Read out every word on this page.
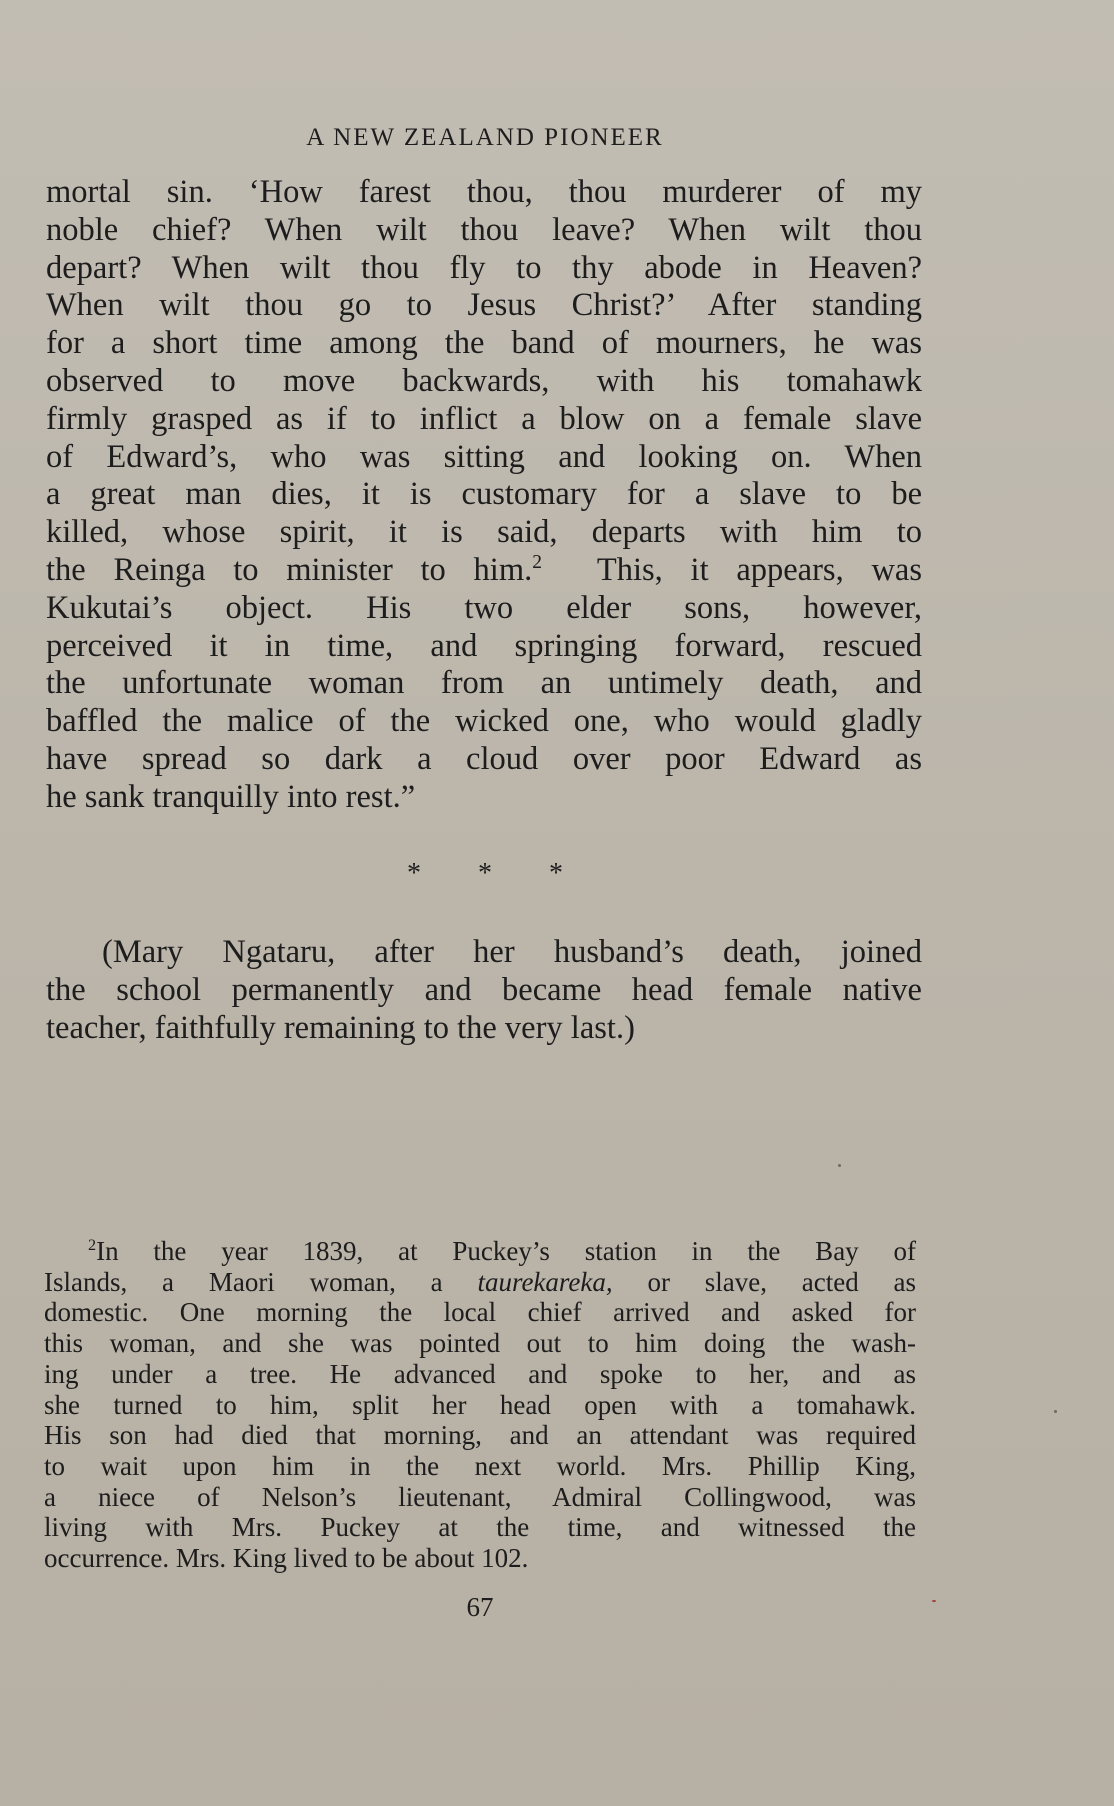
A NEW ZEALAND PIONEER
mortal sin. ‘How farest thou, thou murderer of my
noble chief? When wilt thou leave? When wilt thou
depart? When wilt thou fly to thy abode in Heaven?
When wilt thou go to Jesus Christ?’ After standing
for a short time among the band of mourners, he was
observed to move backwards, with his tomahawk
firmly grasped as if to inflict a blow on a female slave
of Edward’s, who was sitting and looking on. When
a great man dies, it is customary for a slave to be
killed, whose spirit, it is said, departs with him to
the Reinga to minister to him.$^2$ This, it appears, was
Kukutai’s object. His two elder sons, however,
perceived it in time, and springing forward, rescued
the unfortunate woman from an untimely death, and
baffled the malice of the wicked one, who would gladly
have spread so dark a cloud over poor Edward as
he sank tranquilly into rest.”
* * *
(Mary Ngataru, after her husband’s death, joined
the school permanently and became head female native
teacher, faithfully remaining to the very last.)
$^2$In the year 1839, at Puckey’s station in the Bay of
Islands, a Maori woman, a taurekareka, or slave, acted as
domestic. One morning the local chief arrived and asked for
this woman, and she was pointed out to him doing the wash-
ing under a tree. He advanced and spoke to her, and as
she turned to him, split her head open with a tomahawk.
His son had died that morning, and an attendant was required
to wait upon him in the next world. Mrs. Phillip King,
a niece of Nelson’s lieutenant, Admiral Collingwood, was
living with Mrs. Puckey at the time, and witnessed the
occurrence. Mrs. King lived to be about 102.
67
